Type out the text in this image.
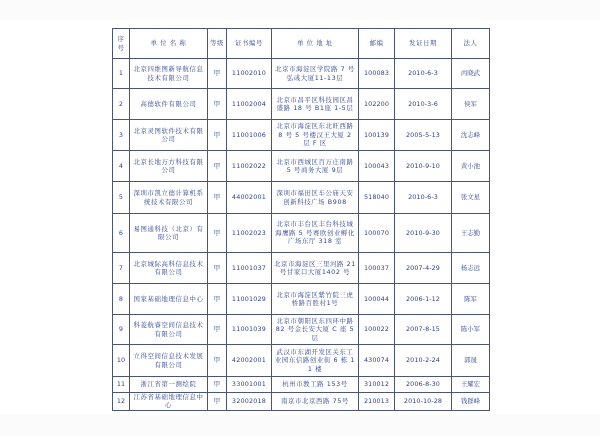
序号	单 位 名 称	等级	证书编号	单 位 地 址	邮编	发证日期	法人
1	北京四维图新导航信息技术有限公司	甲	11002010	北京市海淀区学院路 7 号弘彧大厦11-13层	100083	2010-6-3	丙晓武
2	高德软件有限公司	甲	11002004	北京市昌平区科技园区昌盛路 18 号 B1座 1-5层	102200	2010-3-6	侯军
3	北京灵图软件技术有限公司	甲	11001006	北京市海淀区东北旺西路 8 号 5 号楼汉王大厦 2 层 F 区	100139	2005-5-13	沈志峰
4	北京长地万方科技有限公司	甲	11002022	北京市西城区百万庄南路 5 号商务大厦 9层	100043	2010-9-10	黄小池
5	深圳市凯立德计算机系统技术有限公司	甲	44002001	深圳市福田区车公庙天安创新科技广场 B908	518040	2010-6-3	张文星
6	易图通科技（北京）有限公司	甲	11002023	北京市丰台区丰台科技城海鹰路 5 号赛欧创业孵化广场东厅 318 室	100070	2010-9-30	王志勤
7	北京城际高科信息技术有限公司	甲	11001037	北京市海淀区三里河路 21 号甘家口大厦1402 号	100037	2007-4-29	杨志远
8	国家基础地理信息中心	甲	11001029	北京市海淀区紫竹院三虎桥路百胜村1号	100044	2006-1-12	陈军
9	科菱航睿空间信息技术有限公司	甲	11001039	北京市朝阳区东四环中路 82 号金长安大厦 C 座 5 层	100022	2007-8-15	陈小军
10	立得空间信息技术发展有限公司	甲	42002001	武汉市东湖开发区关东工业园东信路创业街 6 栋 11 楼	430074	2010-2-24	郭晟
11	浙江省第一测绘院	甲	33001001	杭州市教工路 153号	310012	2006-8-30	王耀宏
12	江苏省基础地理信息中心	甲	32002018	南京市北京西路 75号	210013	2010-10-28	钱群峰
